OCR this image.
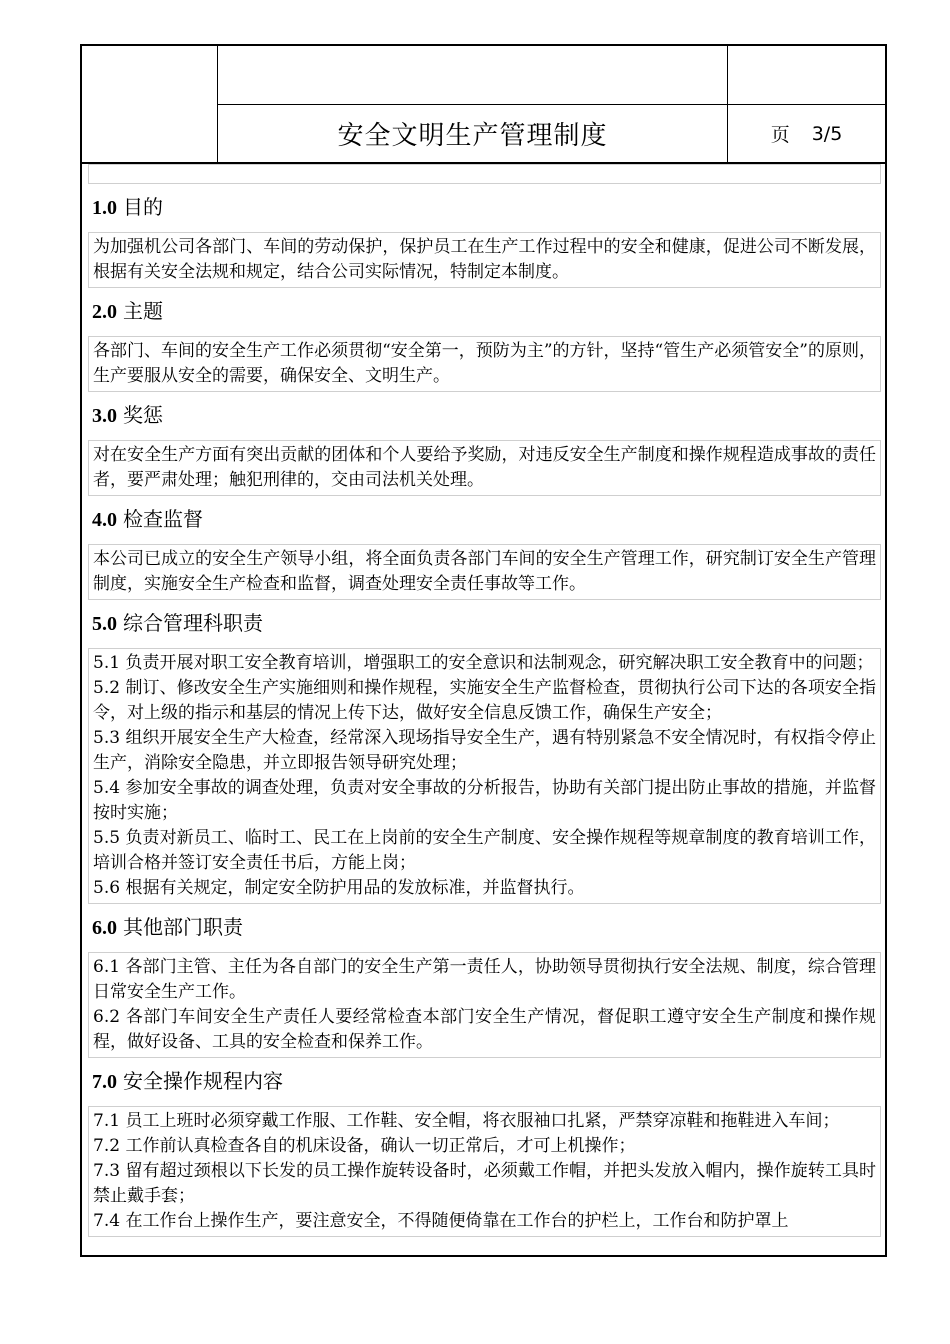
安全文明生产管理制度	页 3/5
1.0 目的

为加强机公司各部门、车间的劳动保护，保护员工在生产工作过程中的安全和健康，促进公司不断发展，根据有关安全法规和规定，结合公司实际情况，特制定本制度。

2.0 主题

各部门、车间的安全生产工作必须贯彻“安全第一，预防为主”的方针，坚持“管生产必须管安全”的原则，生产要服从安全的需要，确保安全、文明生产。

3.0 奖惩

对在安全生产方面有突出贡献的团体和个人要给予奖励，对违反安全生产制度和操作规程造成事故的责任者，要严肃处理；触犯刑律的，交由司法机关处理。

4.0 检查监督

本公司已成立的安全生产领导小组，将全面负责各部门车间的安全生产管理工作，研究制订安全生产管理制度，实施安全生产检查和监督，调查处理安全责任事故等工作。

5.0 综合管理科职责

5.1 负责开展对职工安全教育培训，增强职工的安全意识和法制观念，研究解决职工安全教育中的问题；

5.2 制订、修改安全生产实施细则和操作规程，实施安全生产监督检查，贯彻执行公司下达的各项安全指令，对上级的指示和基层的情况上传下达，做好安全信息反馈工作，确保生产安全；

5.3 组织开展安全生产大检查，经常深入现场指导安全生产，遇有特别紧急不安全情况时，有权指令停止生产，消除安全隐患，并立即报告领导研究处理；

5.4 参加安全事故的调查处理，负责对安全事故的分析报告，协助有关部门提出防止事故的措施，并监督按时实施；

5.5 负责对新员工、临时工、民工在上岗前的安全生产制度、安全操作规程等规章制度的教育培训工作，培训合格并签订安全责任书后，方能上岗；

5.6 根据有关规定，制定安全防护用品的发放标准，并监督执行。

6.0 其他部门职责

6.1 各部门主管、主任为各自部门的安全生产第一责任人，协助领导贯彻执行安全法规、制度，综合管理日常安全生产工作。

6.2 各部门车间安全生产责任人要经常检查本部门安全生产情况，督促职工遵守安全生产制度和操作规程，做好设备、工具的安全检查和保养工作。

7.0 安全操作规程内容

7.1 员工上班时必须穿戴工作服、工作鞋、安全帽，将衣服袖口扎紧，严禁穿凉鞋和拖鞋进入车间；

7.2 工作前认真检查各自的机床设备，确认一切正常后，才可上机操作；

7.3 留有超过颈根以下长发的员工操作旋转设备时，必须戴工作帽，并把头发放入帽内，操作旋转工具时禁止戴手套；

7.4 在工作台上操作生产，要注意安全，不得随便倚靠在工作台的护栏上，工作台和防护罩上
